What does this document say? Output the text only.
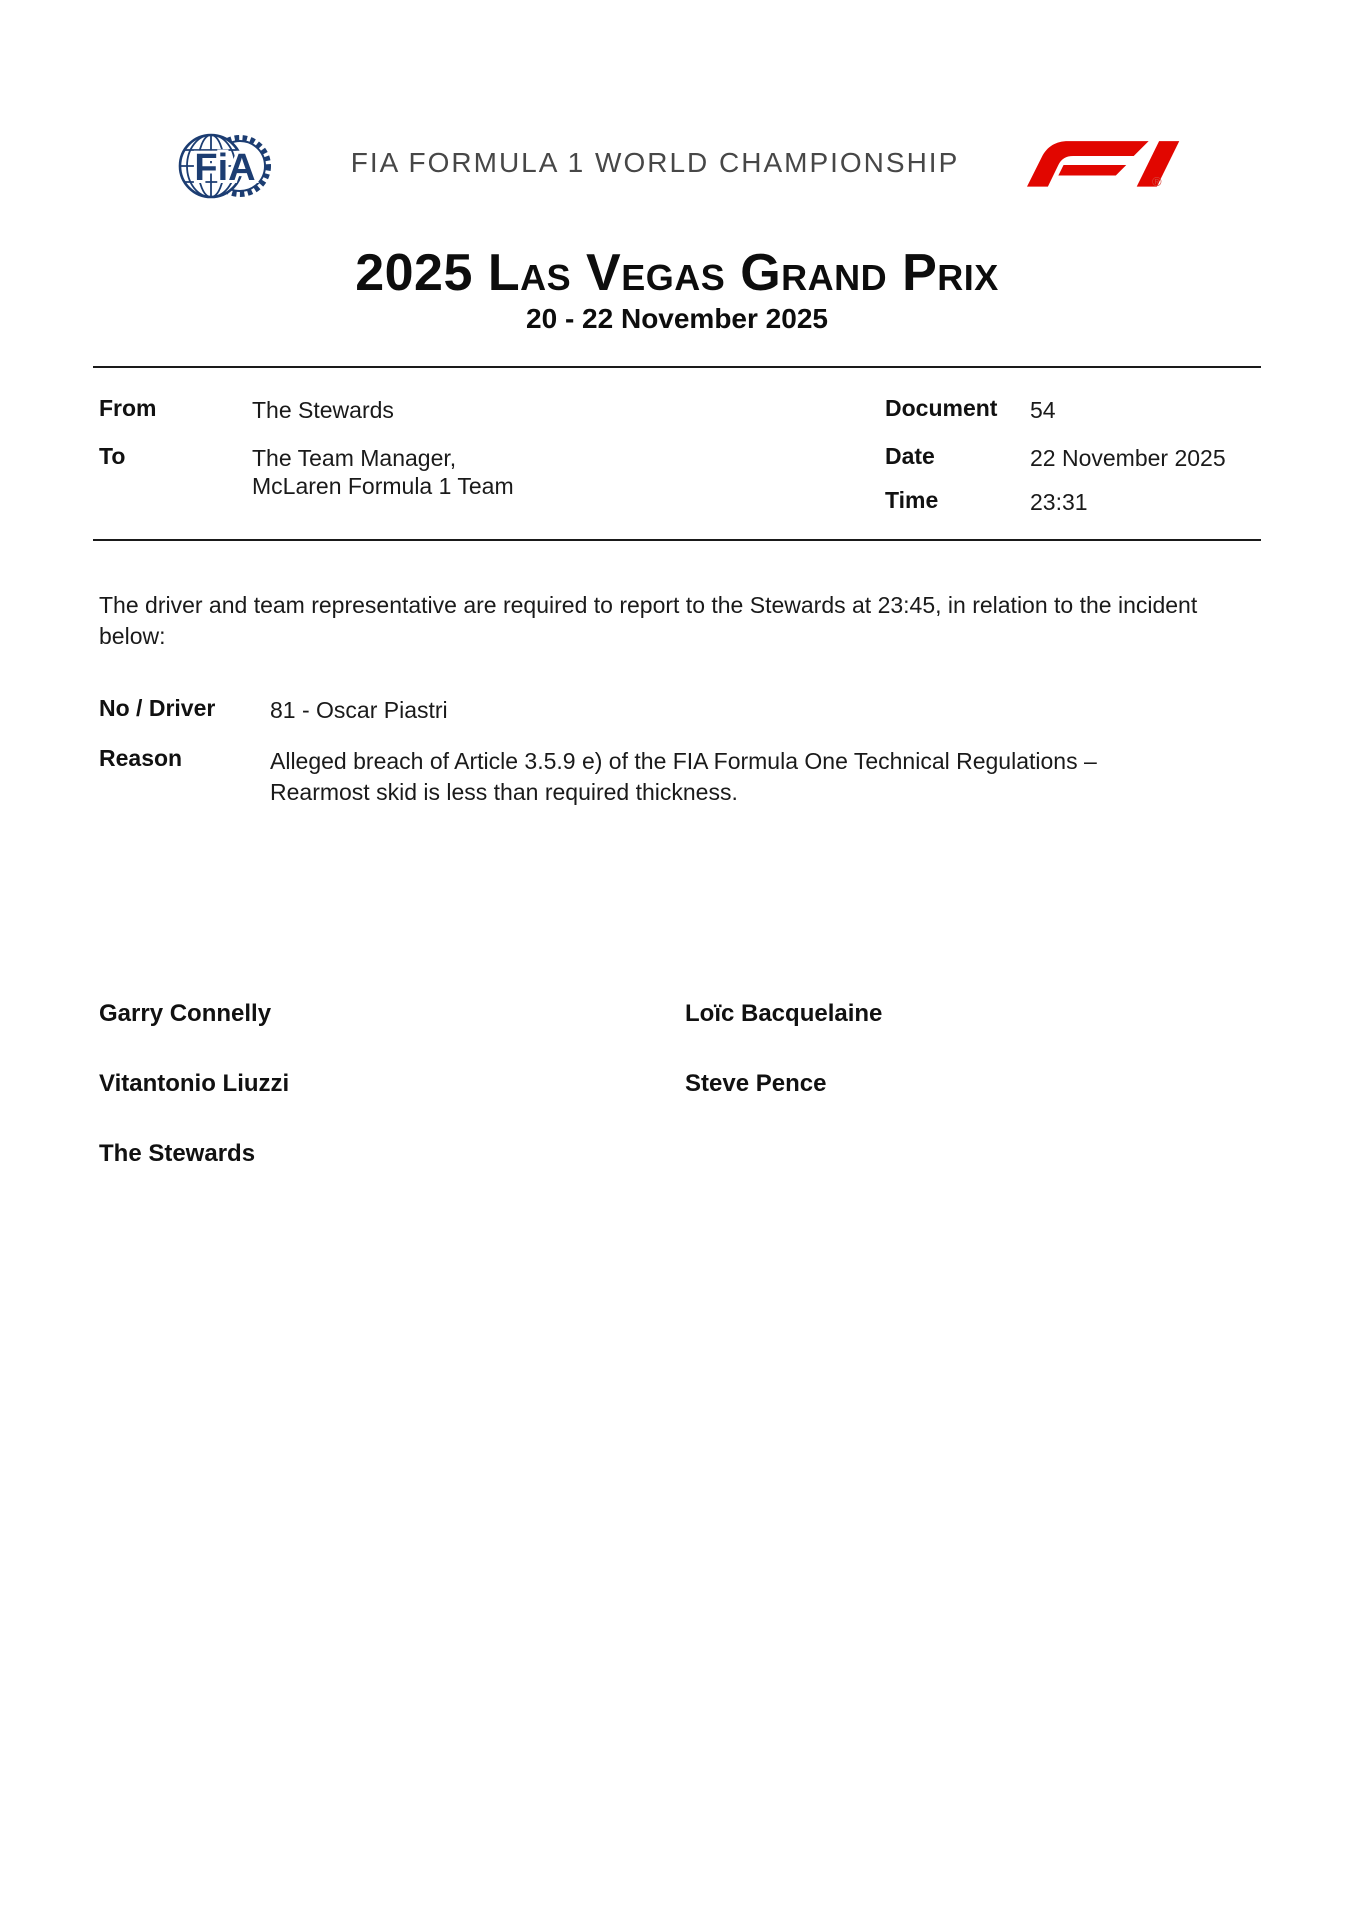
FiA	FIA FORMULA 1 WORLD CHAMPIONSHIP
®
2025 Las Vegas Grand Prix
20 - 22 November 2025
From	The Stewards
To	The Team Manager,
McLaren Formula 1 Team
Document 54
Date	22 November 2025
Time	23:31
The driver and team representative are required to report to the Stewards at 23:45, in relation to the incident below:
No / Driver 81 - Oscar Piastri
Reason	Alleged breach of Article 3.5.9 e) of the FIA Formula One Technical Regulations – Rearmost skid is less than required thickness.
Garry Connelly	Loïc Bacquelaine
Vitantonio Liuzzi	Steve Pence
The Stewards
